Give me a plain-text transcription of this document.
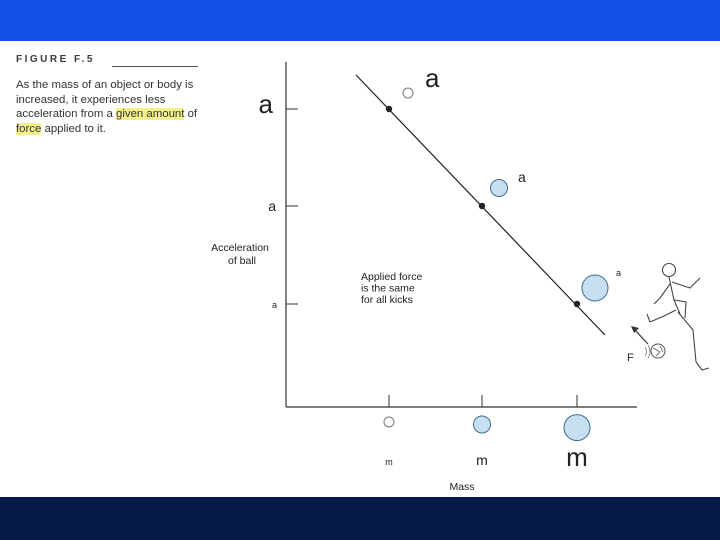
FIGURE F.5

As the mass of an object or body is increased, it experiences less acceleration from a given amount of force applied to it.

a
a
a
m	m	m
a
a
a
Acceleration
of ball
Mass
Applied force
is the same
for all kicks
F
